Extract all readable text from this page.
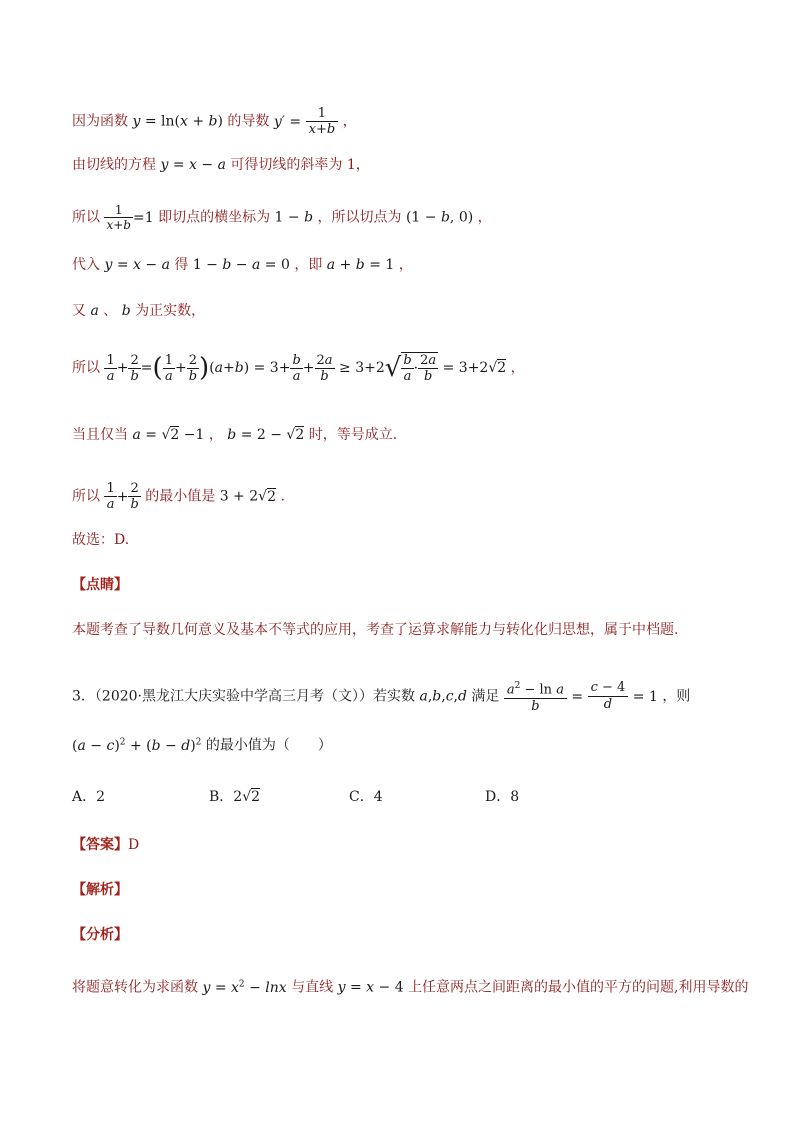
因为函数 y = ln(x + b) 的导数 $y' = \frac{1}{x+b}$ ，
由切线的方程 y = x − a 可得切线的斜率为 1，
所以 $\frac{1}{x+b} =1$ 即切点的横坐标为 1 − b ，所以切点为 (1 − b, 0) ，
代入 y = x − a 得 1 − b − a = 0 ，即 a + b = 1 ，
又 a 、 b 为正实数，
所以 $\frac{1}{a} + \frac{2}{b}$ =( $\frac{1}{a} + \frac{2}{b} )(a+b) = 3+ \frac{b}{a} + \frac{2a}{b} \ge 3+2√ \frac{b}{a} \cdot \frac{2a}{b} = 3+2√2$ ，
当且仅当 a = √2 −1 ， b = 2 − √2 时，等号成立.
所以 $\frac{1}{a} + \frac{2}{b}$ 的最小值是 3 + 2√2 .
故选：D.
【点睛】
本题考查了导数几何意义及基本不等式的应用，考查了运算求解能力与转化化归思想，属于中档题.
3．（2020·黑龙江大庆实验中学高三月考（文））若实数 a,b,c,d 满足 $\frac{a^2 - \ln a}{b} = \frac{c - 4}{d} = 1$ ，则
$(a - c)^2 + (b - d)^2$ 的最小值为（　　）
A．2	B．2√2	C．4	D．8
【答案】D
【解析】
【分析】
将题意转化为求函数 $y = x^2 - \ln x$ 与直线 y = x − 4 上任意两点之间距离的最小值的平方的问题,利用导数的
